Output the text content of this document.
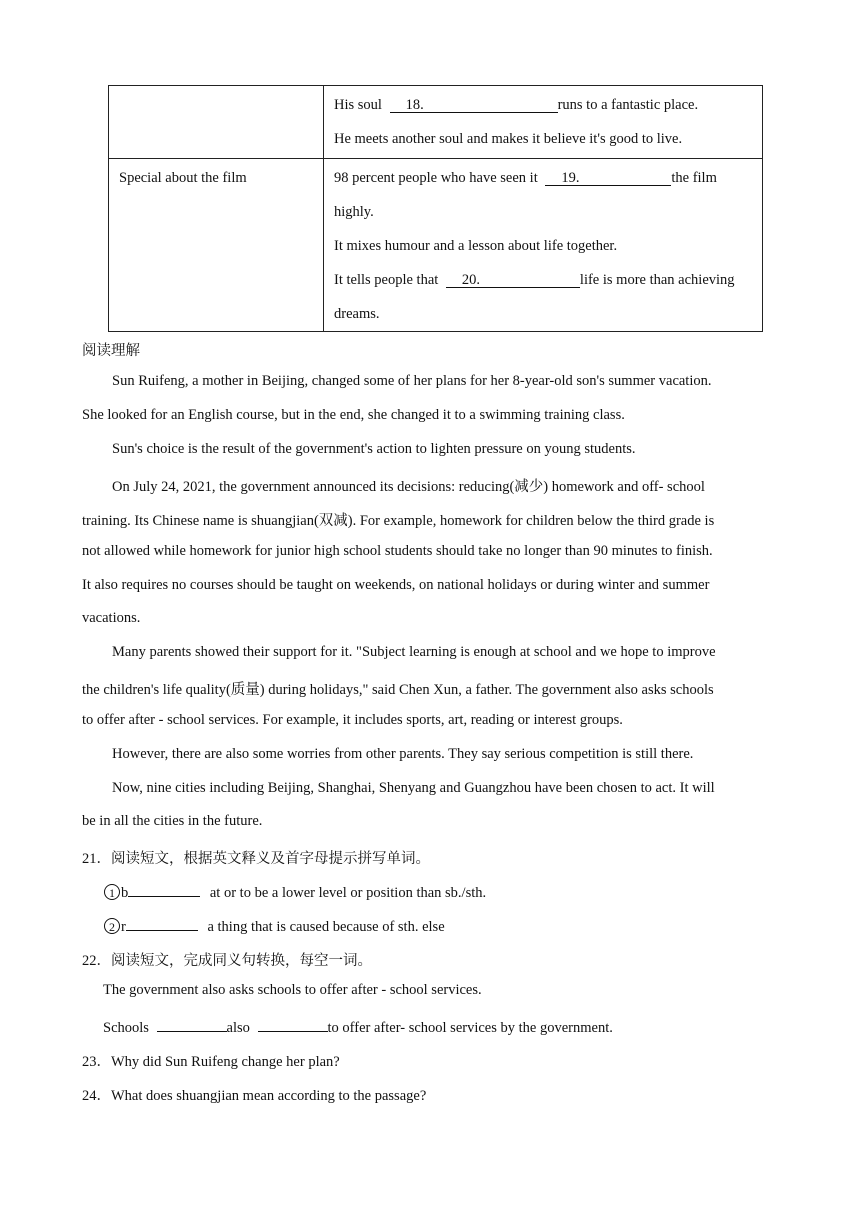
	His soul 18. runs to a fantastic place.
He meets another soul and makes it believe it's good to live.

Special about the film	98 percent people who have seen it 19. the film
highly.
It mixes humour and a lesson about life together.
It tells people that 20. life is more than achieving
dreams.
阅读理解
Sun Ruifeng, a mother in Beijing, changed some of her plans for her 8-year-old son's summer vacation.
She looked for an English course, but in the end, she changed it to a swimming training class.
Sun's choice is the result of the government's action to lighten pressure on young students.
On July 24, 2021, the government announced its decisions: reducing(减少) homework and off- school
training. Its Chinese name is shuangjian(双减). For example, homework for children below the third grade is
not allowed while homework for junior high school students should take no longer than 90 minutes to finish.
It also requires no courses should be taught on weekends, on national holidays or during winter and summer
vacations.
Many parents showed their support for it. "Subject learning is enough at school and we hope to improve
the children's life quality(质量) during holidays," said Chen Xun, a father. The government also asks schools
to offer after - school services. For example, it includes sports, art, reading or interest groups.
However, there are also some worries from other parents. They say serious competition is still there.
Now, nine cities including Beijing, Shanghai, Shenyang and Guangzhou have been chosen to act. It will
be in all the cities in the future.
21．阅读短文，根据英文释义及首字母提示拼写单词。
1 b	at or to be a lower level or position than sb./sth.
2 r	a thing that is caused because of sth. else
22．阅读短文，完成同义句转换，每空一词。
The government also asks schools to offer after - school services.
Schools	also	to offer after- school services by the government.
23．Why did Sun Ruifeng change her plan?
24．What does shuangjian mean according to the passage?
